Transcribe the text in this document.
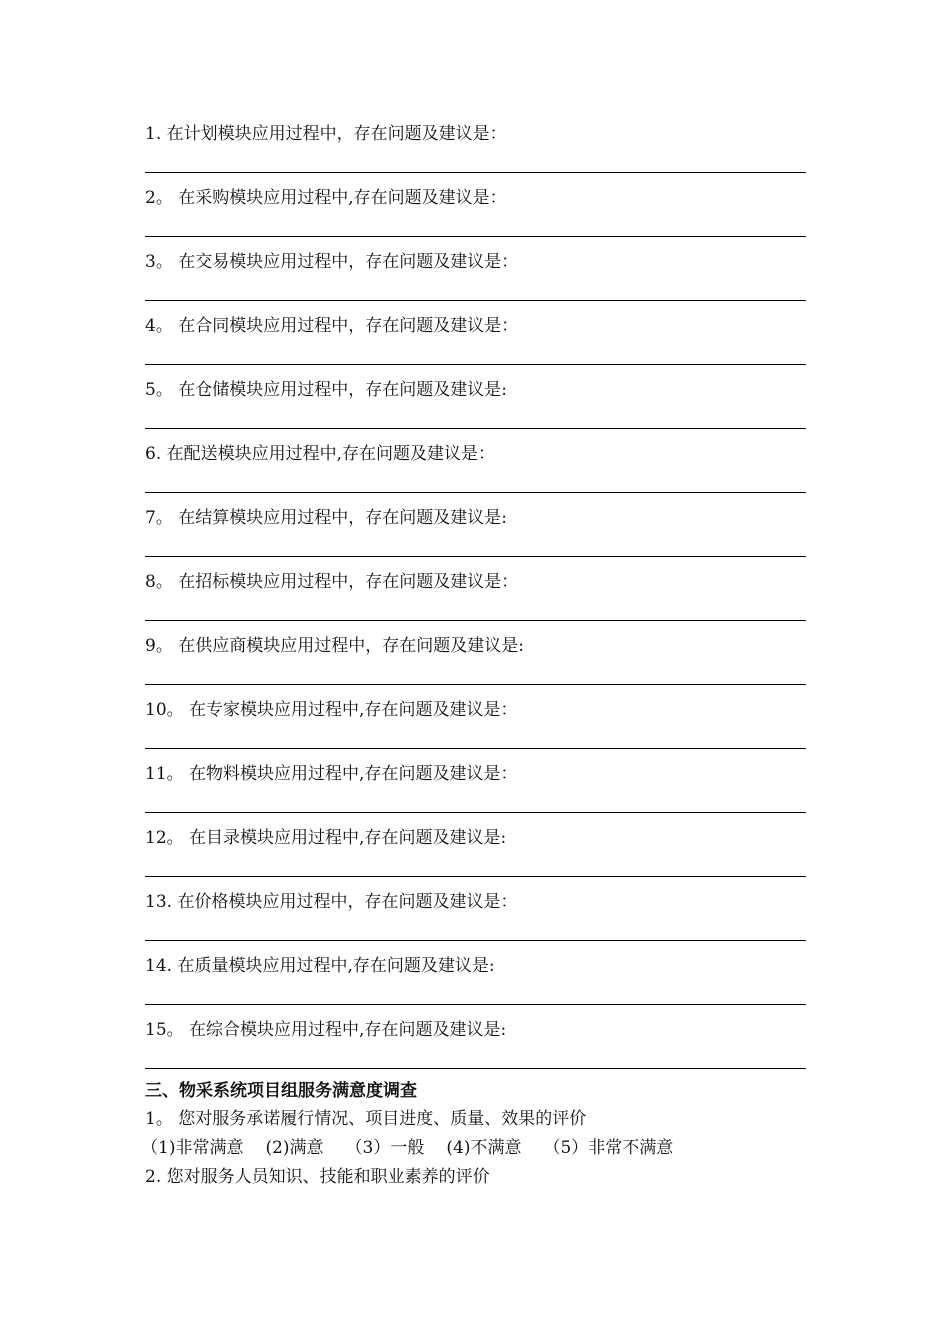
1. 在计划模块应用过程中，存在问题及建议是：
2。 在采购模块应用过程中,存在问题及建议是：
3。 在交易模块应用过程中，存在问题及建议是：
4。 在合同模块应用过程中，存在问题及建议是：
5。 在仓储模块应用过程中，存在问题及建议是:
6. 在配送模块应用过程中,存在问题及建议是：
7。 在结算模块应用过程中，存在问题及建议是:
8。 在招标模块应用过程中，存在问题及建议是：
9。 在供应商模块应用过程中，存在问题及建议是:
10。 在专家模块应用过程中,存在问题及建议是：
11。 在物料模块应用过程中,存在问题及建议是：
12。 在目录模块应用过程中,存在问题及建议是:
13. 在价格模块应用过程中，存在问题及建议是：
14. 在质量模块应用过程中,存在问题及建议是:
15。 在综合模块应用过程中,存在问题及建议是:
三、物采系统项目组服务满意度调查
1。 您对服务承诺履行情况、项目进度、质量、效果的评价
（1)非常满意 (2)满意 （3）一般 (4)不满意 （5）非常不满意
2. 您对服务人员知识、技能和职业素养的评价
